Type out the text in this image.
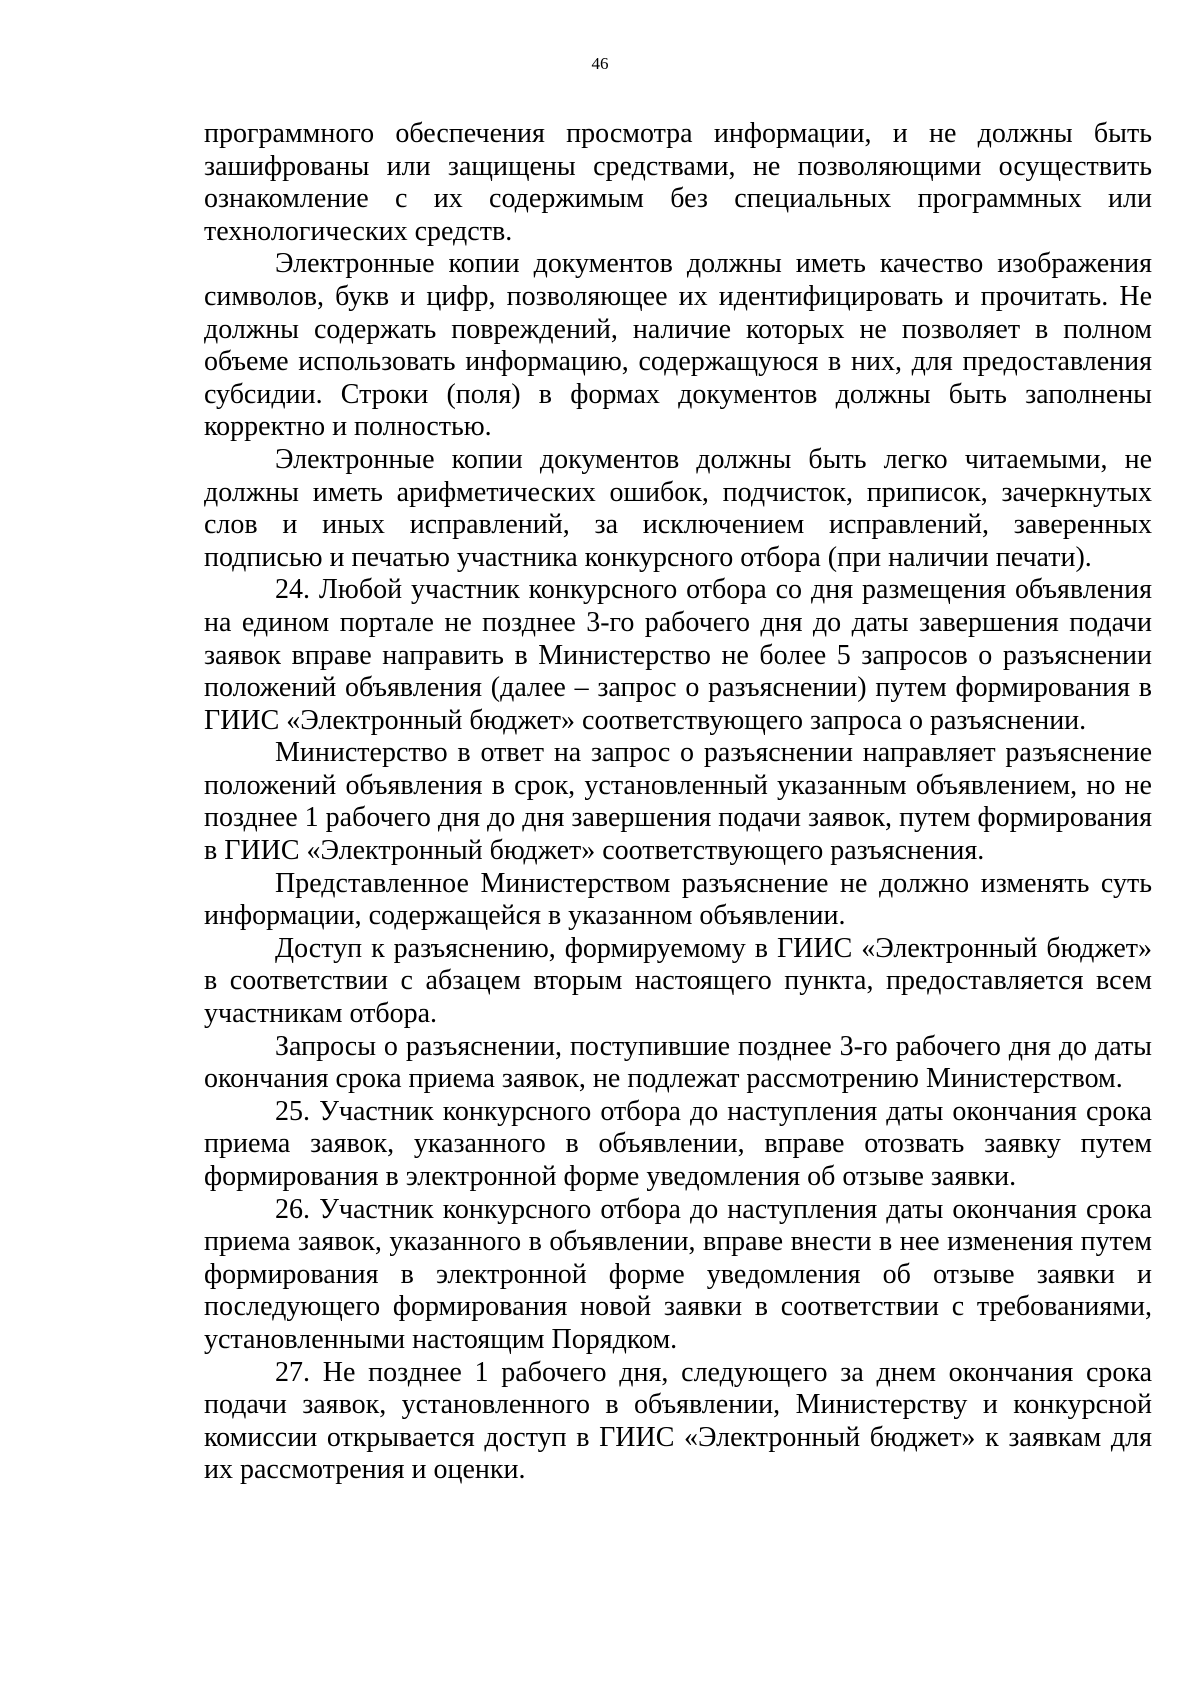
46

программного обеспечения просмотра информации, и не должны быть зашифрованы или защищены средствами, не позволяющими осуществить ознакомление с их содержимым без специальных программных или технологических средств.

Электронные копии документов должны иметь качество изображения символов, букв и цифр, позволяющее их идентифицировать и прочитать. Не должны содержать повреждений, наличие которых не позволяет в полном объеме использовать информацию, содержащуюся в них, для предоставления субсидии. Строки (поля) в формах документов должны быть заполнены корректно и полностью.

Электронные копии документов должны быть легко читаемыми, не должны иметь арифметических ошибок, подчисток, приписок, зачеркнутых слов и иных исправлений, за исключением исправлений, заверенных подписью и печатью участника конкурсного отбора (при наличии печати).

24. Любой участник конкурсного отбора со дня размещения объявления на едином портале не позднее 3-го рабочего дня до даты завершения подачи заявок вправе направить в Министерство не более 5 запросов о разъяснении положений объявления (далее – запрос о разъяснении) путем формирования в ГИИС «Электронный бюджет» соответствующего запроса о разъяснении.

Министерство в ответ на запрос о разъяснении направляет разъяснение положений объявления в срок, установленный указанным объявлением, но не позднее 1 рабочего дня до дня завершения подачи заявок, путем формирования в ГИИС «Электронный бюджет» соответствующего разъяснения.

Представленное Министерством разъяснение не должно изменять суть информации, содержащейся в указанном объявлении.

Доступ к разъяснению, формируемому в ГИИС «Электронный бюджет» в соответствии с абзацем вторым настоящего пункта, предоставляется всем участникам отбора.

Запросы о разъяснении, поступившие позднее 3-го рабочего дня до даты окончания срока приема заявок, не подлежат рассмотрению Министерством.

25. Участник конкурсного отбора до наступления даты окончания срока приема заявок, указанного в объявлении, вправе отозвать заявку путем формирования в электронной форме уведомления об отзыве заявки.

26. Участник конкурсного отбора до наступления даты окончания срока приема заявок, указанного в объявлении, вправе внести в нее изменения путем формирования в электронной форме уведомления об отзыве заявки и последующего формирования новой заявки в соответствии с требованиями, установленными настоящим Порядком.

27. Не позднее 1 рабочего дня, следующего за днем окончания срока подачи заявок, установленного в объявлении, Министерству и конкурсной комиссии открывается доступ в ГИИС «Электронный бюджет» к заявкам для их рассмотрения и оценки.
